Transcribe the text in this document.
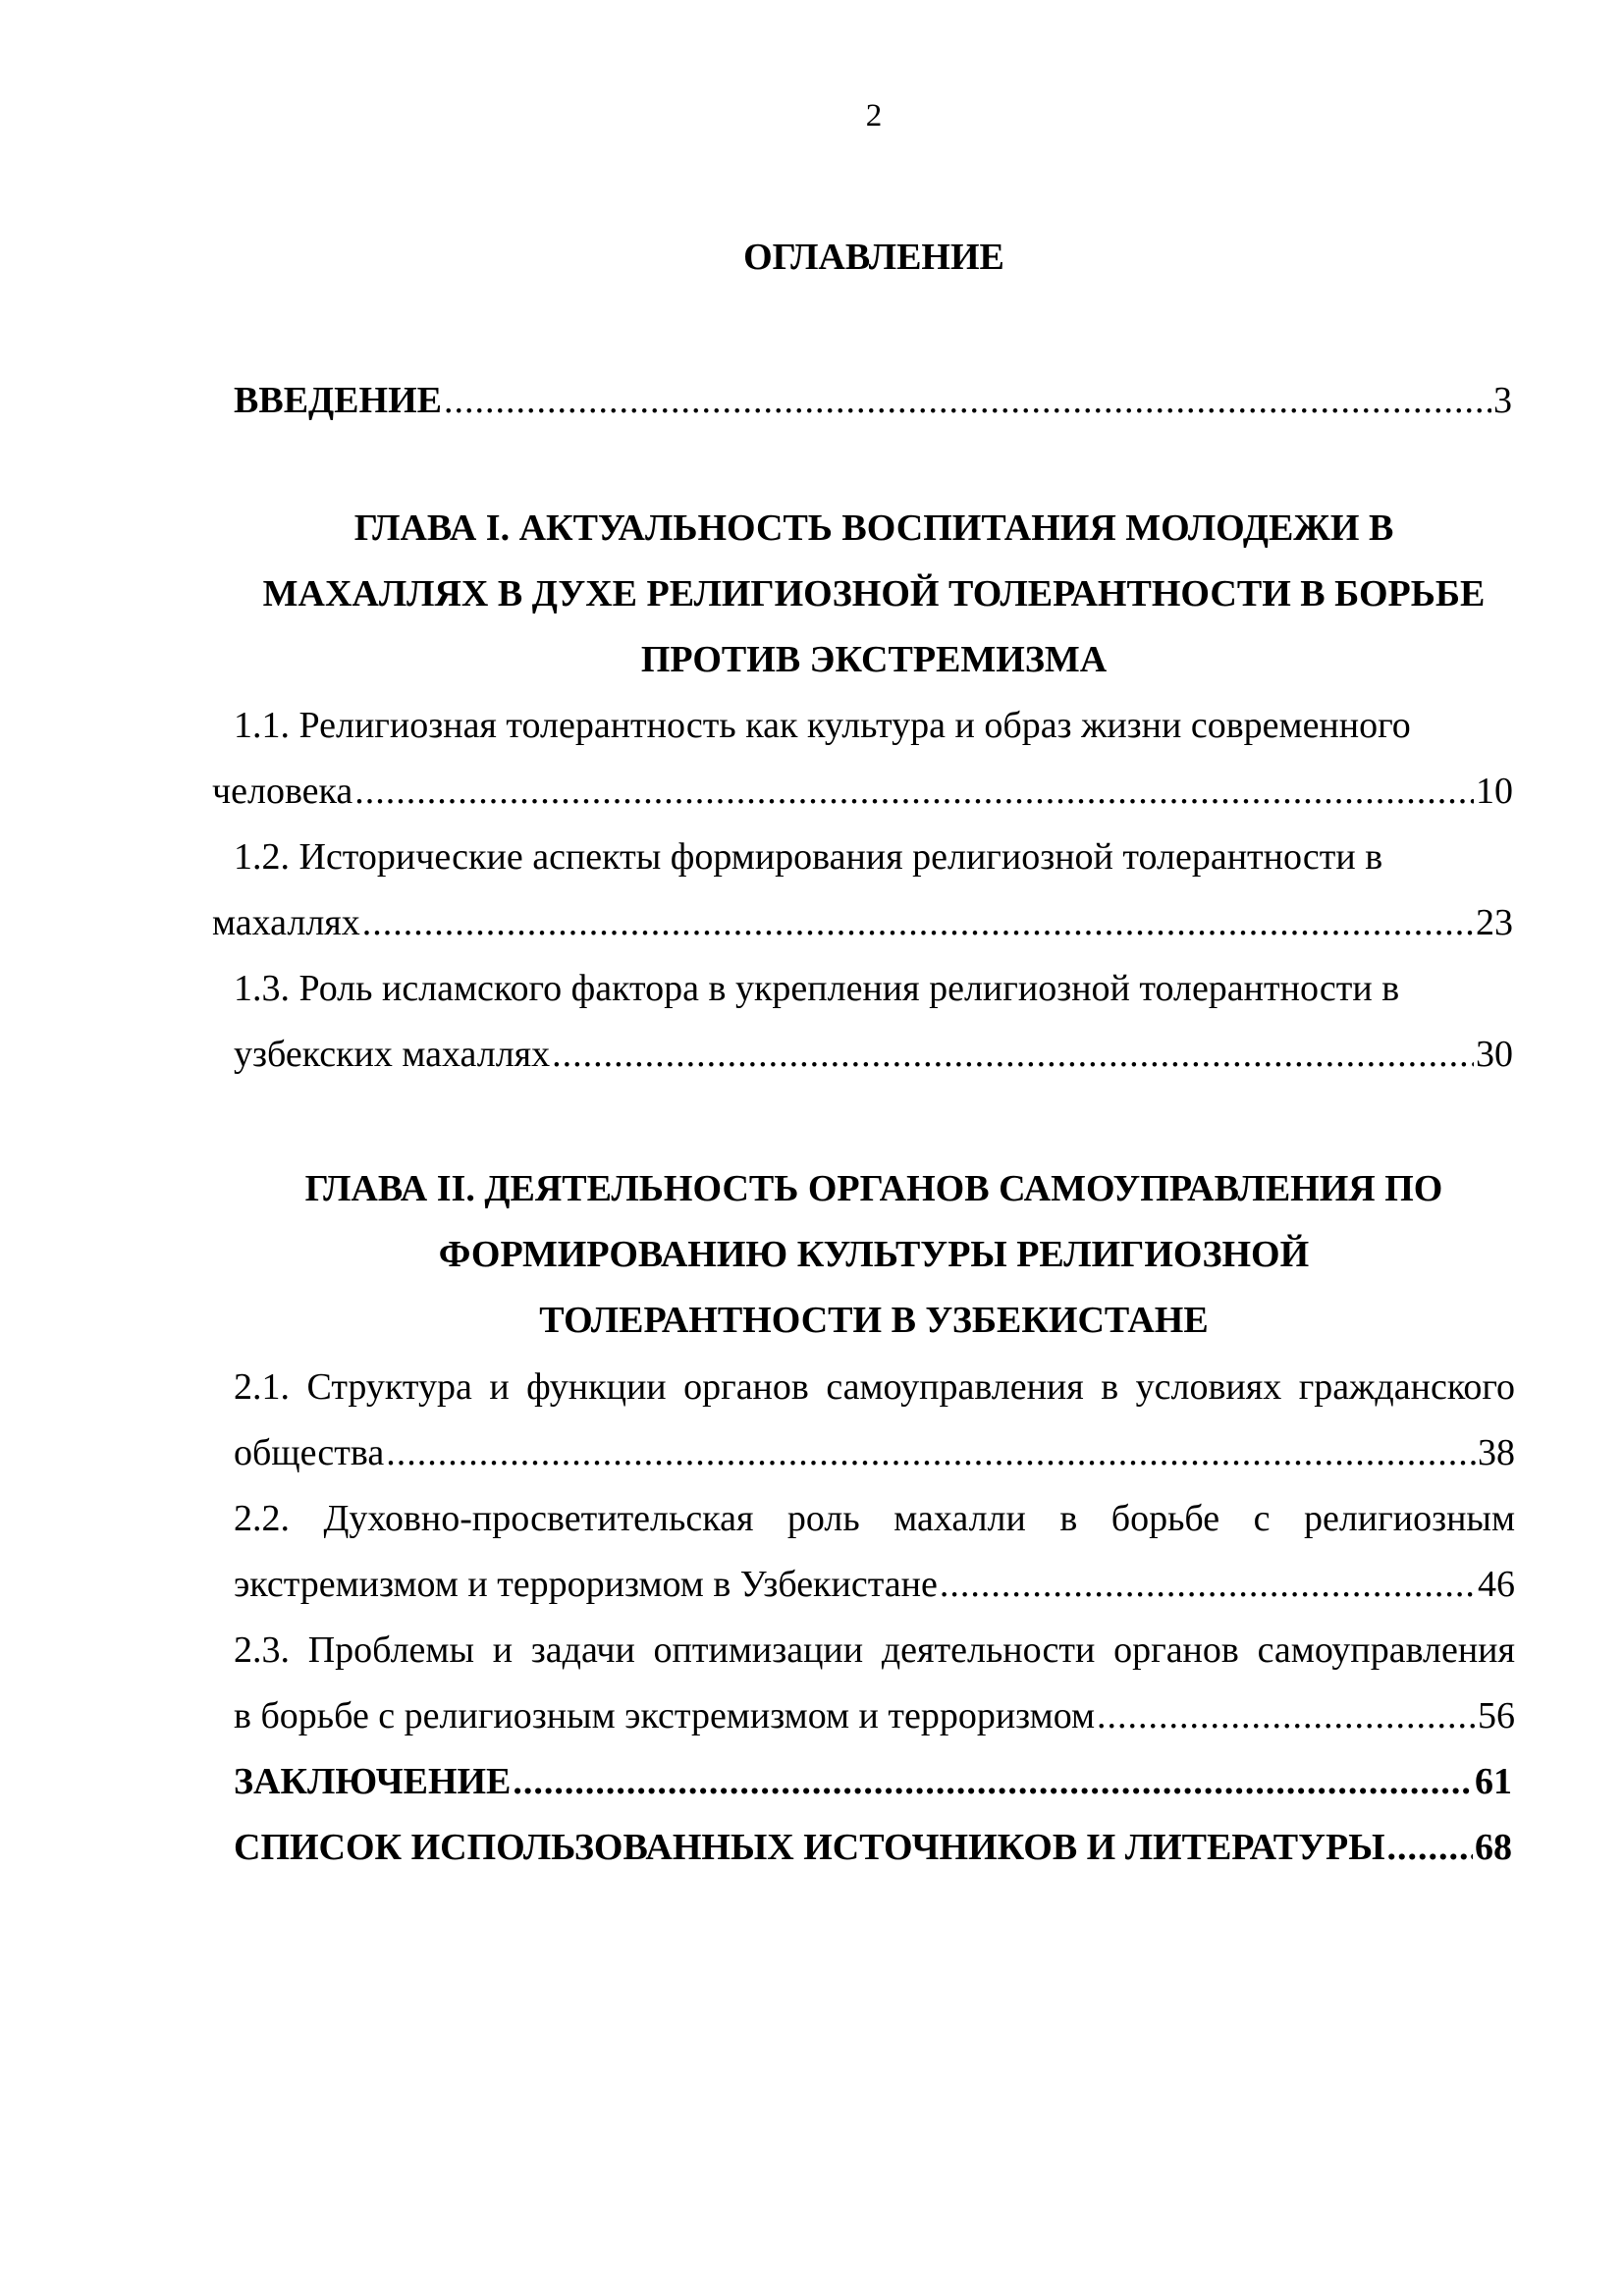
2
ОГЛАВЛЕНИЕ
ВВЕДЕНИЕ .....	3
ГЛАВА I. АКТУАЛЬНОСТЬ ВОСПИТАНИЯ МОЛОДЕЖИ В
МАХАЛЛЯХ В ДУХЕ РЕЛИГИОЗНОЙ ТОЛЕРАНТНОСТИ В БОРЬБЕ
ПРОТИВ ЭКСТРЕМИЗМА
1.1. Религиозная толерантность как культура и образ жизни современного
человека .....	10
1.2. Исторические аспекты формирования религиозной толерантности в
махаллях .....	23
1.3. Роль исламского фактора в укрепления религиозной толерантности в
узбекских махаллях .....	30
ГЛАВА II. ДЕЯТЕЛЬНОСТЬ ОРГАНОВ САМОУПРАВЛЕНИЯ ПО
ФОРМИРОВАНИЮ КУЛЬТУРЫ РЕЛИГИОЗНОЙ
ТОЛЕРАНТНОСТИ В УЗБЕКИСТАНЕ
2.1. Структура и функции органов самоуправления в условиях гражданского
общества .....	38
2.2. Духовно-просветительская роль махалли в борьбе с религиозным
экстремизмом и терроризмом в Узбекистане .....	46
2.3. Проблемы и задачи оптимизации деятельности органов самоуправления
в борьбе с религиозным экстремизмом и терроризмом .....	56
ЗАКЛЮЧЕНИЕ .....	61
СПИСОК ИСПОЛЬЗОВАННЫХ ИСТОЧНИКОВ И ЛИТЕРАТУРЫ ..... 68
